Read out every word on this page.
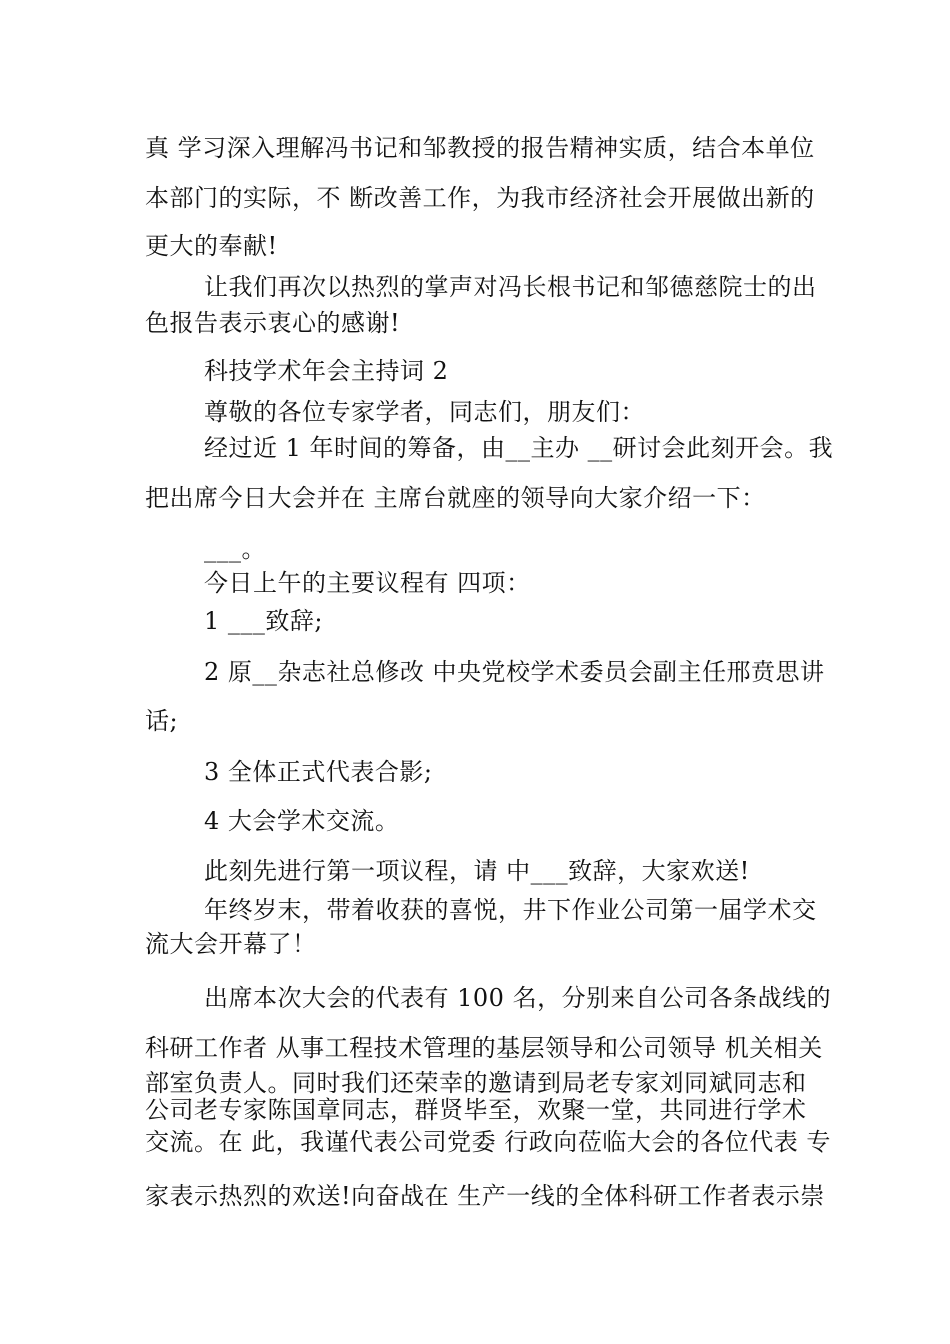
真 学习深入理解冯书记和邹教授的报告精神实质，结合本单位
本部门的实际，不 断改善工作，为我市经济社会开展做出新的
更大的奉献!
让我们再次以热烈的掌声对冯长根书记和邹德慈院士的出
色报告表示衷心的感谢!
科技学术年会主持词 2
尊敬的各位专家学者，同志们，朋友们：
经过近 1 年时间的筹备，由__主办 __研讨会此刻开会。我
把出席今日大会并在 主席台就座的领导向大家介绍一下：
___。
今日上午的主要议程有 四项：
1 ___致辞;
2 原__杂志社总修改 中央党校学术委员会副主任邢贲思讲
话;
3 全体正式代表合影;
4 大会学术交流。
此刻先进行第一项议程，请 中___致辞，大家欢送!
年终岁末，带着收获的喜悦，井下作业公司第一届学术交
流大会开幕了！
出席本次大会的代表有 100 名，分别来自公司各条战线的
科研工作者 从事工程技术管理的基层领导和公司领导 机关相关
部室负责人。同时我们还荣幸的邀请到局老专家刘同斌同志和
公司老专家陈国章同志，群贤毕至，欢聚一堂，共同进行学术
交流。在 此，我谨代表公司党委 行政向莅临大会的各位代表 专
家表示热烈的欢送!向奋战在 生产一线的全体科研工作者表示崇
